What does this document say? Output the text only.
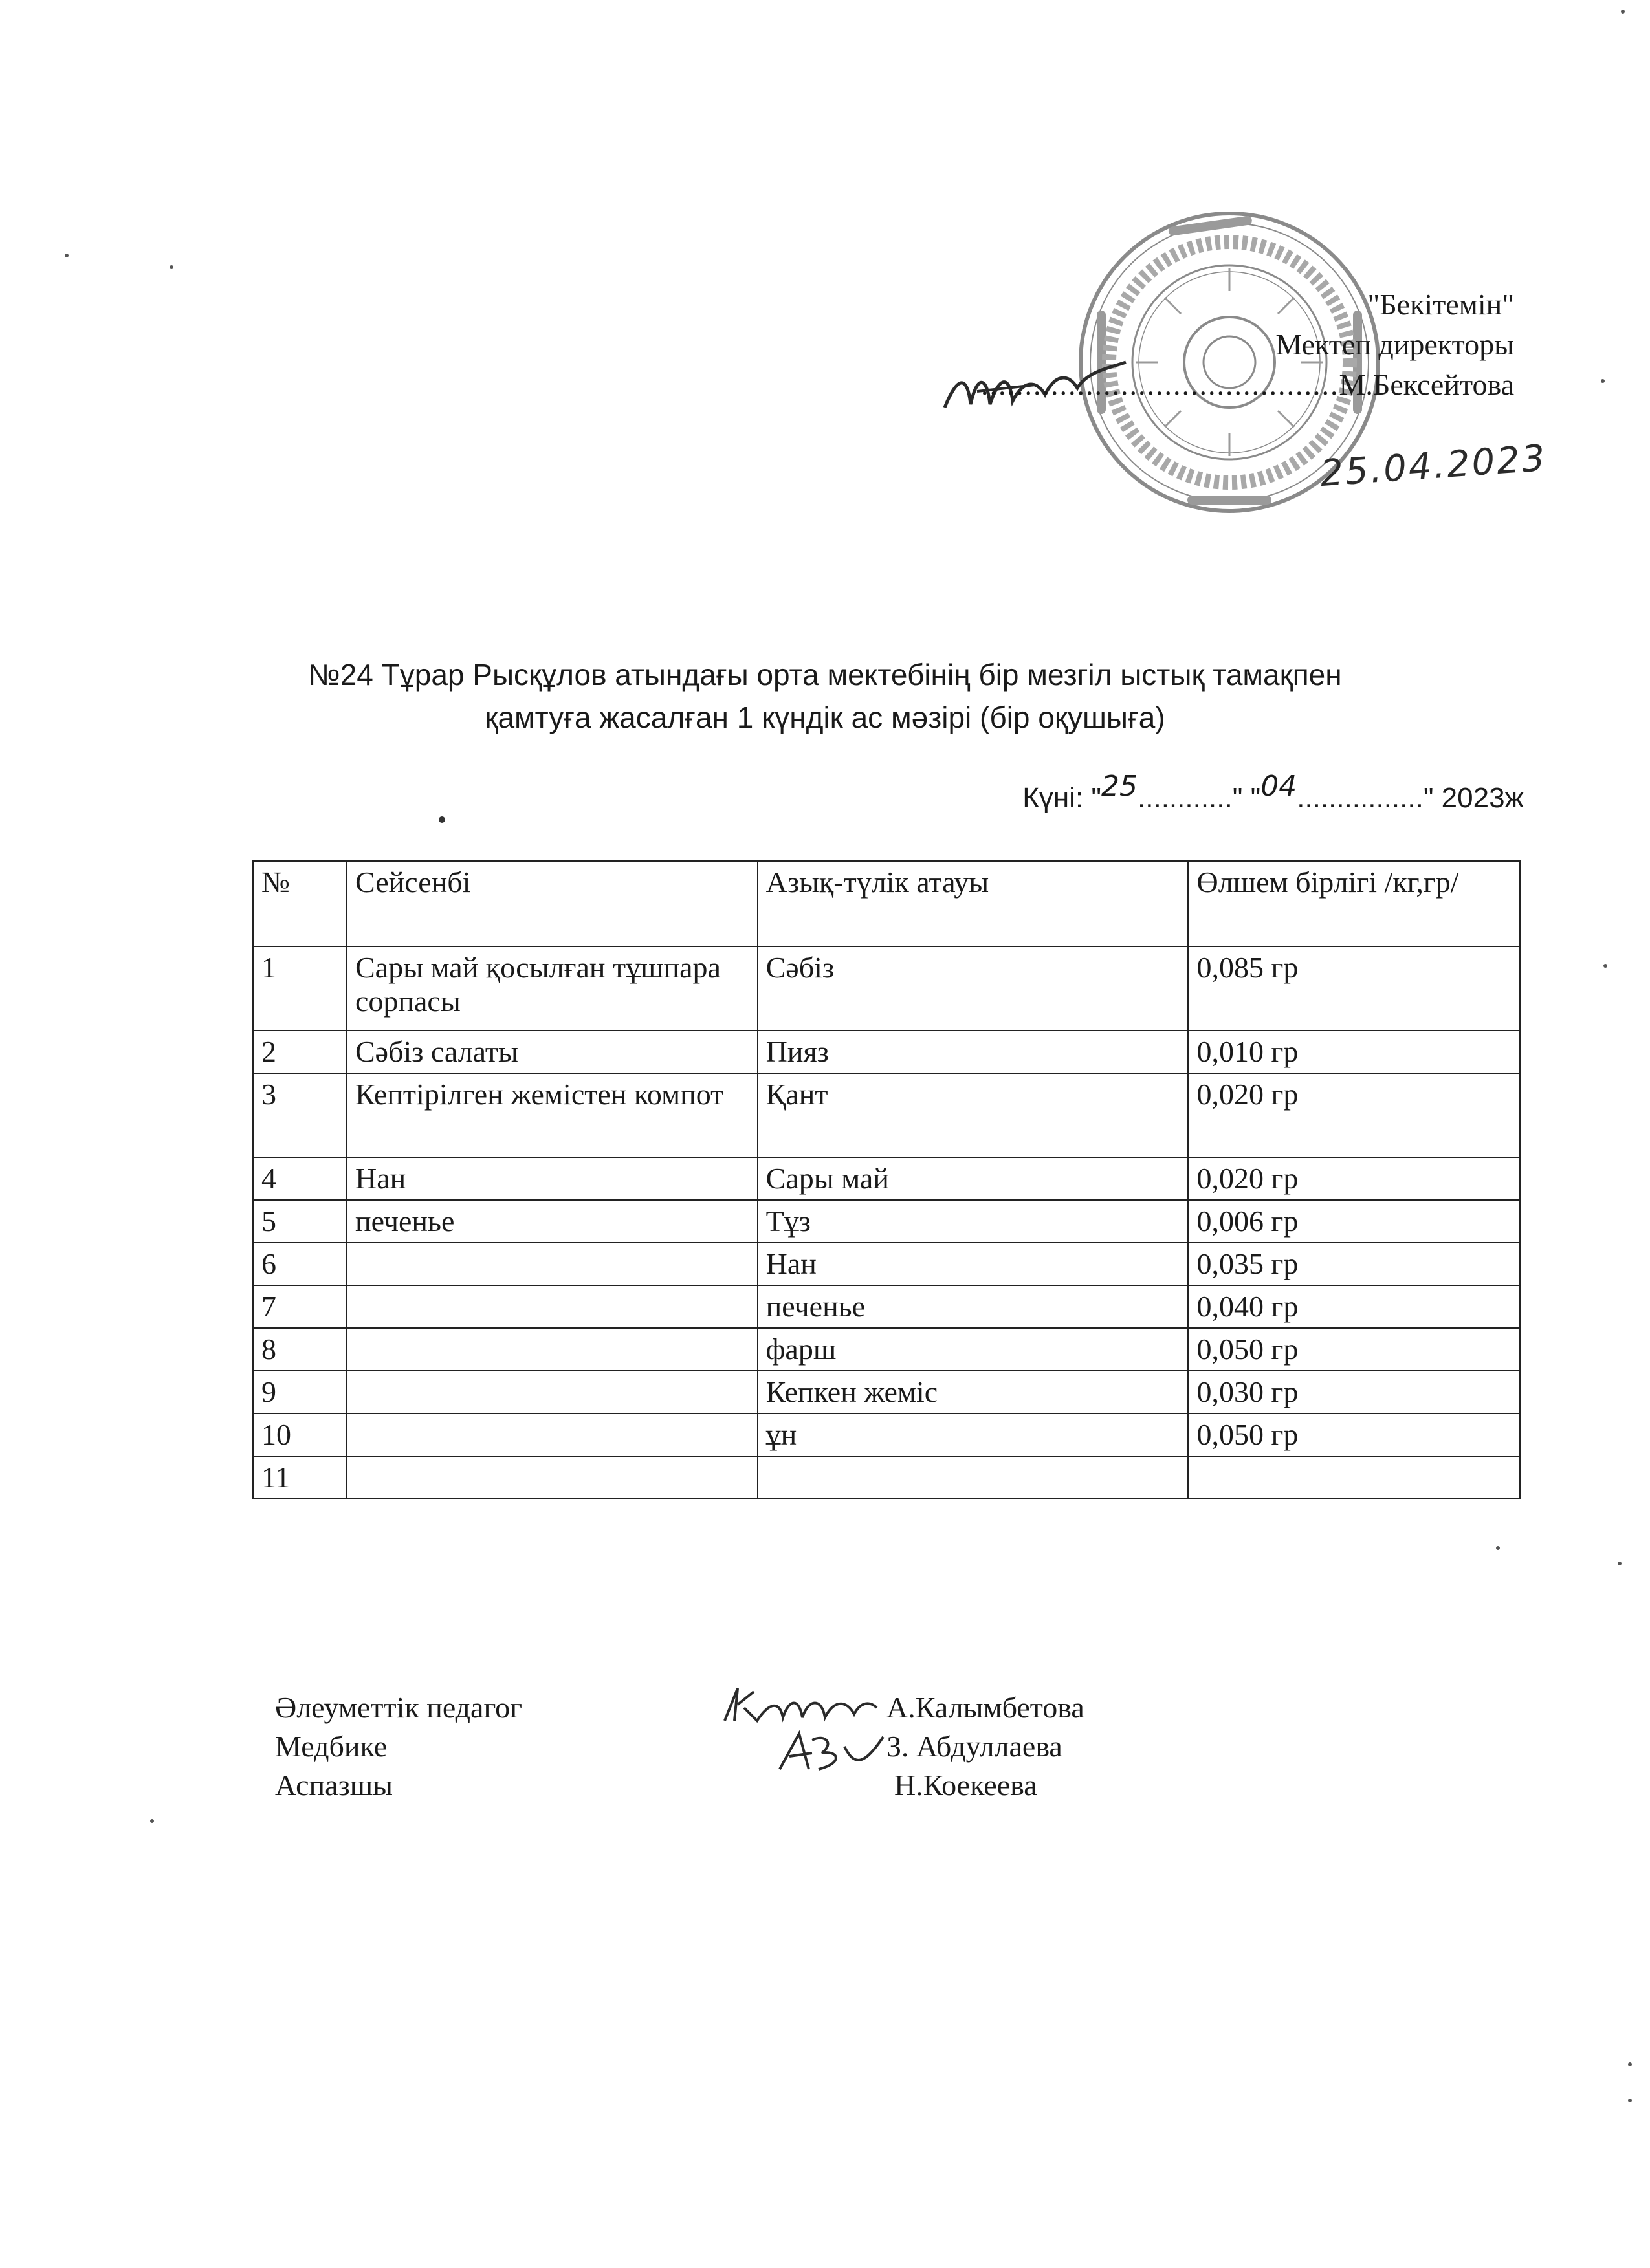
"Бекітемін"
Мектеп директоры
.........................................М.Бексейтова
25.04.2023
№24 Тұрар Рысқұлов атындағы орта мектебінің бір мезгіл ыстық тамақпен
қамтуға жасалған 1 күндік ас мәзірі (бір оқушыға)
Күні: "25............" "04................" 2023ж
№	Сейсенбі	Азық-түлік атауы	Өлшем бірлігі /кг,гр/
1	Сары май қосылған тұшпара сорпасы	Сәбіз	0,085 гр
2	Сәбіз салаты	Пияз	0,010 гр
3	Кептірілген жемістен компот	Қант	0,020 гр
4	Нан	Сары май	0,020 гр
5	печенье	Тұз	0,006 гр
6		Нан	0,035 гр
7		печенье	0,040 гр
8		фарш	0,050 гр
9		Кепкен жеміс	0,030 гр
10		ұн	0,050 гр
11			
Әлеуметтік педагог
Медбике
Аспазшы
А.Калымбетова
З. Абдуллаева
Н.Коекеева
